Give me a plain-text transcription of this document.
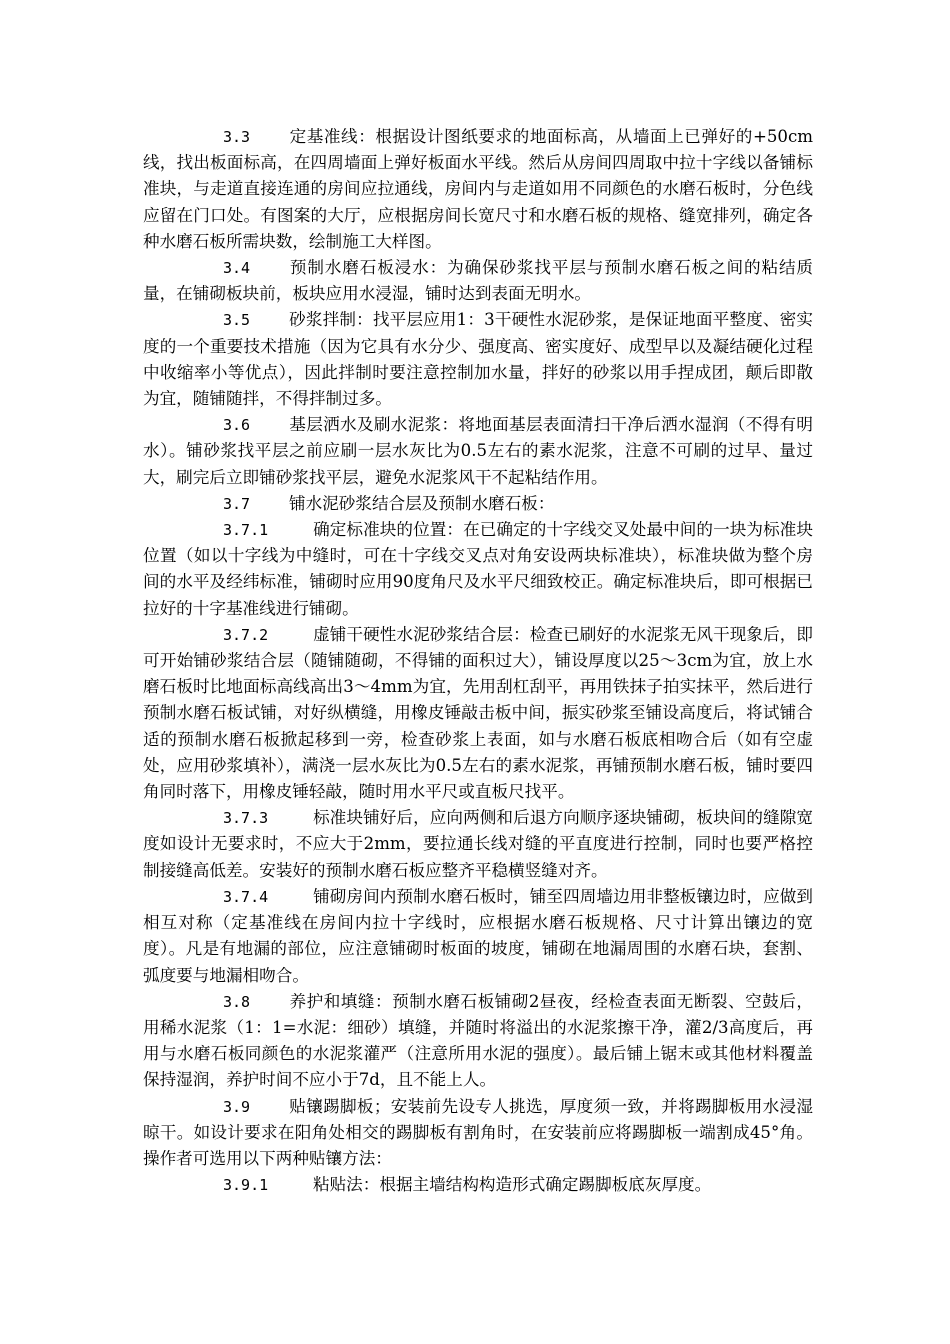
3.3 定基准线：根据设计图纸要求的地面标高，从墙面上已弹好的+50cm线，找出板面标高，在四周墙面上弹好板面水平线。然后从房间四周取中拉十字线以备铺标准块，与走道直接连通的房间应拉通线，房间内与走道如用不同颜色的水磨石板时，分色线应留在门口处。有图案的大厅，应根据房间长宽尺寸和水磨石板的规格、缝宽排列，确定各种水磨石板所需块数，绘制施工大样图。

3.4 预制水磨石板浸水：为确保砂浆找平层与预制水磨石板之间的粘结质量，在铺砌板块前，板块应用水浸湿，铺时达到表面无明水。

3.5 砂浆拌制：找平层应用1：3干硬性水泥砂浆，是保证地面平整度、密实度的一个重要技术措施（因为它具有水分少、强度高、密实度好、成型早以及凝结硬化过程中收缩率小等优点），因此拌制时要注意控制加水量，拌好的砂浆以用手捏成团，颠后即散为宜，随铺随拌，不得拌制过多。

3.6 基层洒水及刷水泥浆：将地面基层表面清扫干净后洒水湿润（不得有明水）。铺砂浆找平层之前应刷一层水灰比为0.5左右的素水泥浆，注意不可刷的过早、量过大，刷完后立即铺砂浆找平层，避免水泥浆风干不起粘结作用。

3.7 铺水泥砂浆结合层及预制水磨石板：

3.7.1	确定标准块的位置：在已确定的十字线交叉处最中间的一块为标准块位置（如以十字线为中缝时，可在十字线交叉点对角安设两块标准块），标准块做为整个房间的水平及经纬标准，铺砌时应用90度角尺及水平尺细致校正。确定标准块后，即可根据已拉好的十字基准线进行铺砌。

3.7.2	虚铺干硬性水泥砂浆结合层：检查已刷好的水泥浆无风干现象后，即可开始铺砂浆结合层（随铺随砌，不得铺的面积过大），铺设厚度以25～3cm为宜，放上水磨石板时比地面标高线高出3～4mm为宜，先用刮杠刮平，再用铁抹子拍实抹平，然后进行预制水磨石板试铺，对好纵横缝，用橡皮锤敲击板中间，振实砂浆至铺设高度后，将试铺合适的预制水磨石板掀起移到一旁，检查砂浆上表面，如与水磨石板底相吻合后（如有空虚处，应用砂浆填补），满浇一层水灰比为0.5左右的素水泥浆，再铺预制水磨石板，铺时要四角同时落下，用橡皮锤轻敲，随时用水平尺或直板尺找平。

3.7.3	标准块铺好后，应向两侧和后退方向顺序逐块铺砌，板块间的缝隙宽度如设计无要求时，不应大于2mm，要拉通长线对缝的平直度进行控制，同时也要严格控制接缝高低差。安装好的预制水磨石板应整齐平稳横竖缝对齐。

3.7.4	铺砌房间内预制水磨石板时，铺至四周墙边用非整板镶边时，应做到相互对称（定基准线在房间内拉十字线时，应根据水磨石板规格、尺寸计算出镶边的宽度）。凡是有地漏的部位，应注意铺砌时板面的坡度，铺砌在地漏周围的水磨石块，套割、弧度要与地漏相吻合。

3.8 养护和填缝：预制水磨石板铺砌2昼夜，经检查表面无断裂、空鼓后，用稀水泥浆（1：1=水泥：细砂）填缝，并随时将溢出的水泥浆擦干净，灌2/3高度后，再用与水磨石板同颜色的水泥浆灌严（注意所用水泥的强度）。最后铺上锯末或其他材料覆盖保持湿润，养护时间不应小于7d，且不能上人。

3.9 贴镶踢脚板；安装前先设专人挑选，厚度须一致，并将踢脚板用水浸湿晾干。如设计要求在阳角处相交的踢脚板有割角时，在安装前应将踢脚板一端割成45°角。操作者可选用以下两种贴镶方法：

3.9.1	粘贴法：根据主墙结构构造形式确定踢脚板底灰厚度。
